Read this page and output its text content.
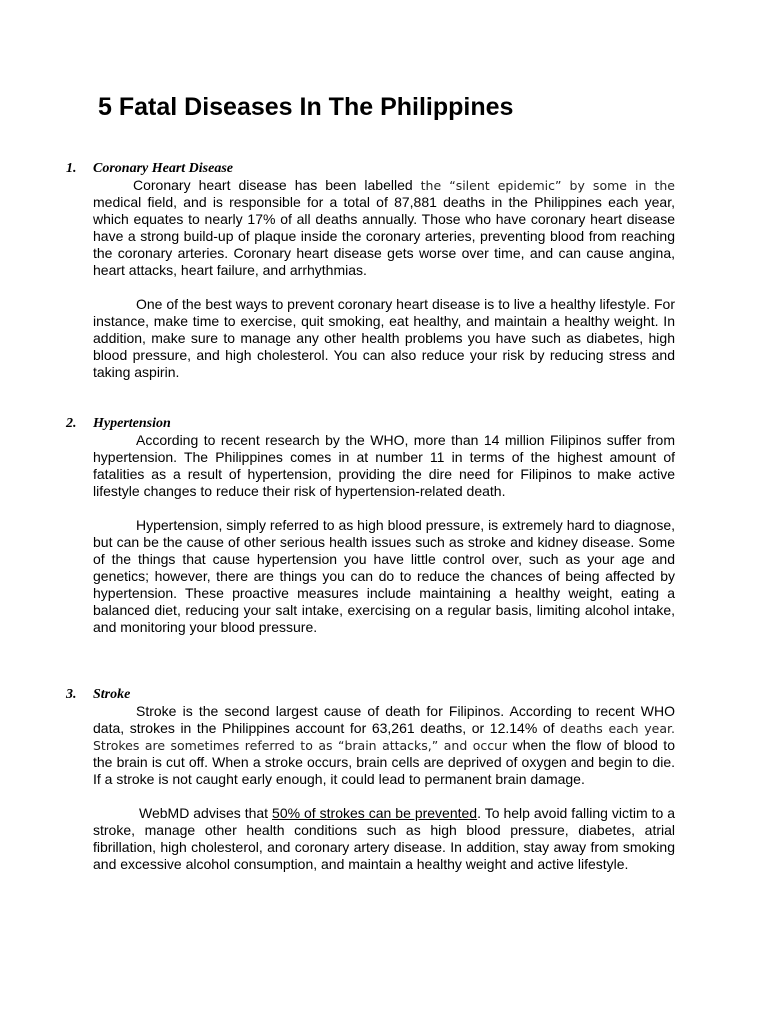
5 Fatal Diseases In The Philippines

1. Coronary Heart Disease

Coronary heart disease has been labelled the “silent epidemic” by some in the medical field, and is responsible for a total of 87,881 deaths in the Philippines each year, which equates to nearly 17% of all deaths annually. Those who have coronary heart disease have a strong build-up of plaque inside the coronary arteries, preventing blood from reaching the coronary arteries. Coronary heart disease gets worse over time, and can cause angina, heart attacks, heart failure, and arrhythmias.

One of the best ways to prevent coronary heart disease is to live a healthy lifestyle. For instance, make time to exercise, quit smoking, eat healthy, and maintain a healthy weight. In addition, make sure to manage any other health problems you have such as diabetes, high blood pressure, and high cholesterol. You can also reduce your risk by reducing stress and taking aspirin.

2. Hypertension

According to recent research by the WHO, more than 14 million Filipinos suffer from hypertension. The Philippines comes in at number 11 in terms of the highest amount of fatalities as a result of hypertension, providing the dire need for Filipinos to make active lifestyle changes to reduce their risk of hypertension-related death.

Hypertension, simply referred to as high blood pressure, is extremely hard to diagnose, but can be the cause of other serious health issues such as stroke and kidney disease. Some of the things that cause hypertension you have little control over, such as your age and genetics; however, there are things you can do to reduce the chances of being affected by hypertension. These proactive measures include maintaining a healthy weight, eating a balanced diet, reducing your salt intake, exercising on a regular basis, limiting alcohol intake, and monitoring your blood pressure.

3. Stroke

Stroke is the second largest cause of death for Filipinos. According to recent WHO data, strokes in the Philippines account for 63,261 deaths, or 12.14% of deaths each year. Strokes are sometimes referred to as “brain attacks,” and occur when the flow of blood to the brain is cut off. When a stroke occurs, brain cells are deprived of oxygen and begin to die. If a stroke is not caught early enough, it could lead to permanent brain damage.

WebMD advises that 50% of strokes can be prevented. To help avoid falling victim to a stroke, manage other health conditions such as high blood pressure, diabetes, atrial fibrillation, high cholesterol, and coronary artery disease. In addition, stay away from smoking and excessive alcohol consumption, and maintain a healthy weight and active lifestyle.
